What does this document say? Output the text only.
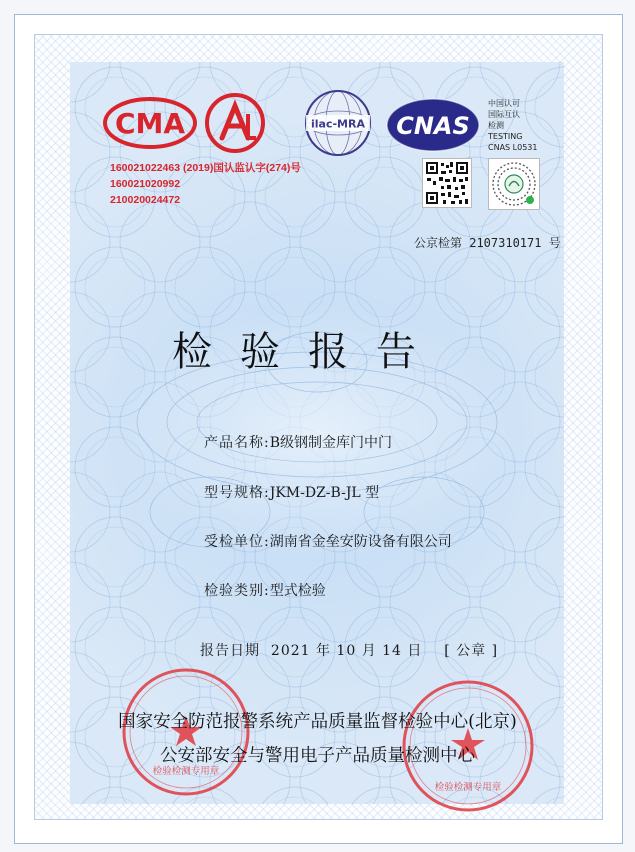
CMA	ilac-MRA CNAS
中国认可
国际互认
检测
TESTING
CNAS L0531
160021022463 (2019)国认监认字(274)号
160021020992
210020024472
公京检第 2107310171 号
检验报告
产品名称:B级钢制金库门中门
型号规格:JKM-DZ-B-JL 型
受检单位:湖南省金垒安防设备有限公司
检验类别:型式检验
报告日期 2021 年 10 月 14 日 [ 公章 ]
检验检测专用章
检验检测专用章
国家安全防范报警系统产品质量监督检验中心(北京)
公安部安全与警用电子产品质量检测中心
